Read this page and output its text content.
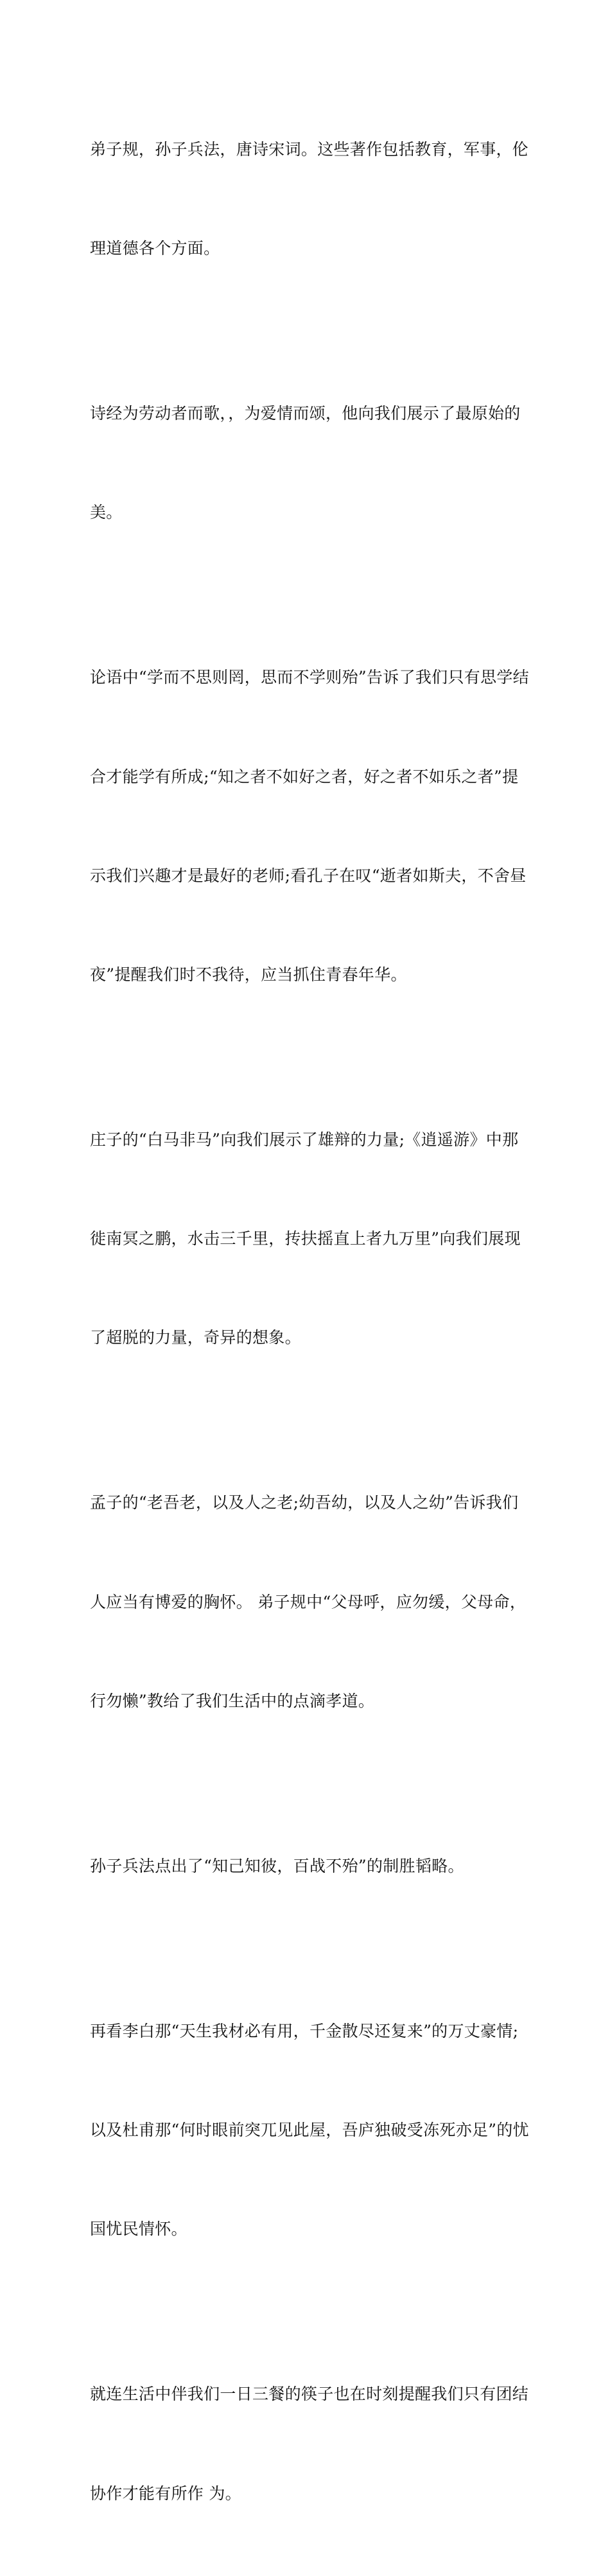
弟子规，孙子兵法，唐诗宋词。这些著作包括教育，军事，伦

理道德各个方面。

诗经为劳动者而歌，，为爱情而颂，他向我们展示了最原始的

美。

论语中“学而不思则罔，思而不学则殆”告诉了我们只有思学结

合才能学有所成;“知之者不如好之者，好之者不如乐之者”提

示我们兴趣才是最好的老师;看孔子在叹“逝者如斯夫，不舍昼

夜”提醒我们时不我待，应当抓住青春年华。

庄子的“白马非马”向我们展示了雄辩的力量;《逍遥游》中那

徙南冥之鹏，水击三千里，抟扶摇直上者九万里”向我们展现

了超脱的力量，奇异的想象。

孟子的“老吾老，以及人之老;幼吾幼，以及人之幼”告诉我们

人应当有博爱的胸怀。 弟子规中“父母呼，应勿缓，父母命，

行勿懒”教给了我们生活中的点滴孝道。

孙子兵法点出了“知己知彼，百战不殆”的制胜韬略。

再看李白那“天生我材必有用，千金散尽还复来”的万丈豪情;

以及杜甫那“何时眼前突兀见此屋，吾庐独破受冻死亦足”的忧

国忧民情怀。

就连生活中伴我们一日三餐的筷子也在时刻提醒我们只有团结

协作才能有所作 为。
